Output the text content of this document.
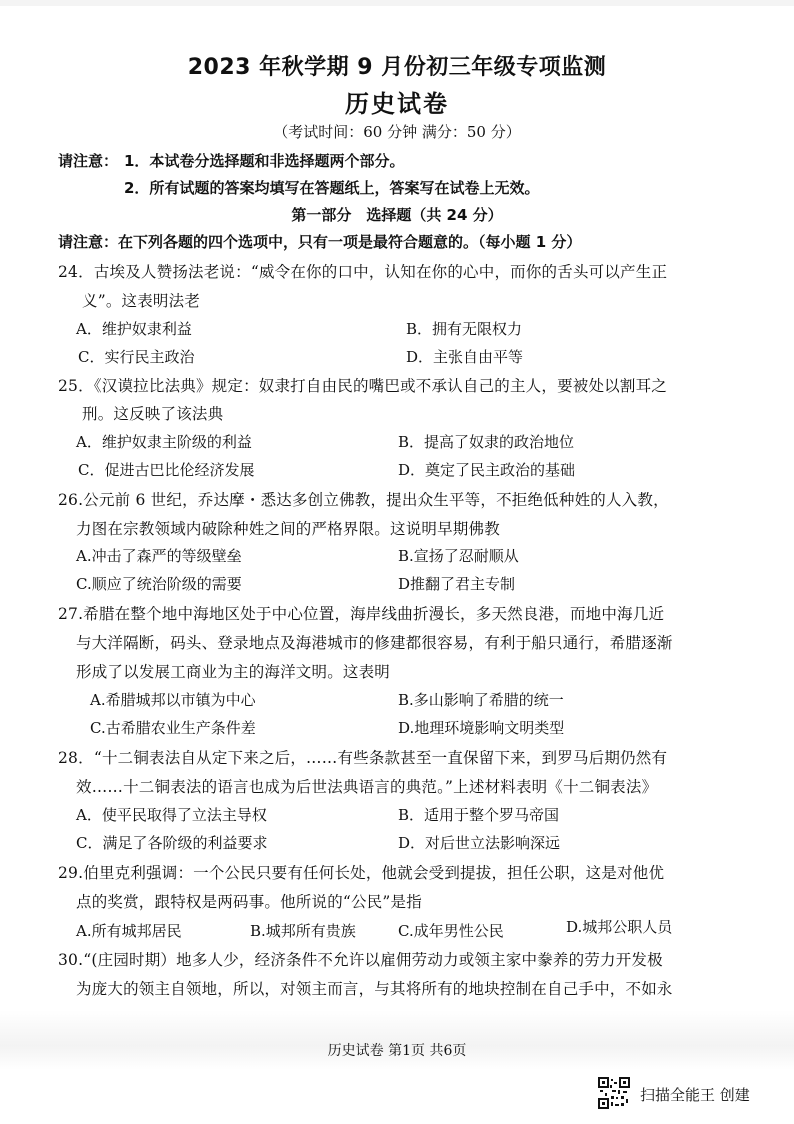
2023 年秋学期 9 月份初三年级专项监测
历史试卷
（考试时间：60 分钟 满分：50 分）
请注意： 1．本试卷分选择题和非选择题两个部分。
2．所有试题的答案均填写在答题纸上，答案写在试卷上无效。
第一部分　选择题（共 24 分）
请注意：在下列各题的四个选项中，只有一项是最符合题意的。（每小题 1 分）
24．古埃及人赞扬法老说：“威令在你的口中，认知在你的心中，而你的舌头可以产生正
义”。这表明法老
A．维护奴隶利益	B．拥有无限权力
C．实行民主政治	D．主张自由平等
25．《汉谟拉比法典》规定：奴隶打自由民的嘴巴或不承认自己的主人，要被处以割耳之
刑。这反映了该法典
A．维护奴隶主阶级的利益	B．提高了奴隶的政治地位
C．促进古巴比伦经济发展	D．奠定了民主政治的基础
26.公元前 6 世纪，乔达摩・悉达多创立佛教，提出众生平等，不拒绝低种姓的人入教，
力图在宗教领域内破除种姓之间的严格界限。这说明早期佛教
A.冲击了森严的等级壁垒	B.宣扬了忍耐顺从
C.顺应了统治阶级的需要	D推翻了君主专制
27.希腊在整个地中海地区处于中心位置，海岸线曲折漫长，多天然良港，而地中海几近
与大洋隔断，码头、登录地点及海港城市的修建都很容易，有利于船只通行，希腊逐渐
形成了以发展工商业为主的海洋文明。这表明
A.希腊城邦以市镇为中心	B.多山影响了希腊的统一
C.古希腊农业生产条件差	D.地理环境影响文明类型
28．“十二铜表法自从定下来之后，……有些条款甚至一直保留下来，到罗马后期仍然有
效……十二铜表法的语言也成为后世法典语言的典范。”上述材料表明《十二铜表法》
A．使平民取得了立法主导权	B．适用于整个罗马帝国
C．满足了各阶级的利益要求	D．对后世立法影响深远
29.伯里克利强调：一个公民只要有任何长处，他就会受到提拔，担任公职，这是对他优
点的奖赏，跟特权是两码事。他所说的“公民”是指
A.所有城邦居民	B.城邦所有贵族	C.成年男性公民	D.城邦公职人员
30.“(庄园时期）地多人少，经济条件不允许以雇佣劳动力或领主家中豢养的劳力开发极
为庞大的领主自领地，所以，对领主而言，与其将所有的地块控制在自己手中，不如永
历史试卷 第1页 共6页
扫描全能王 创建
